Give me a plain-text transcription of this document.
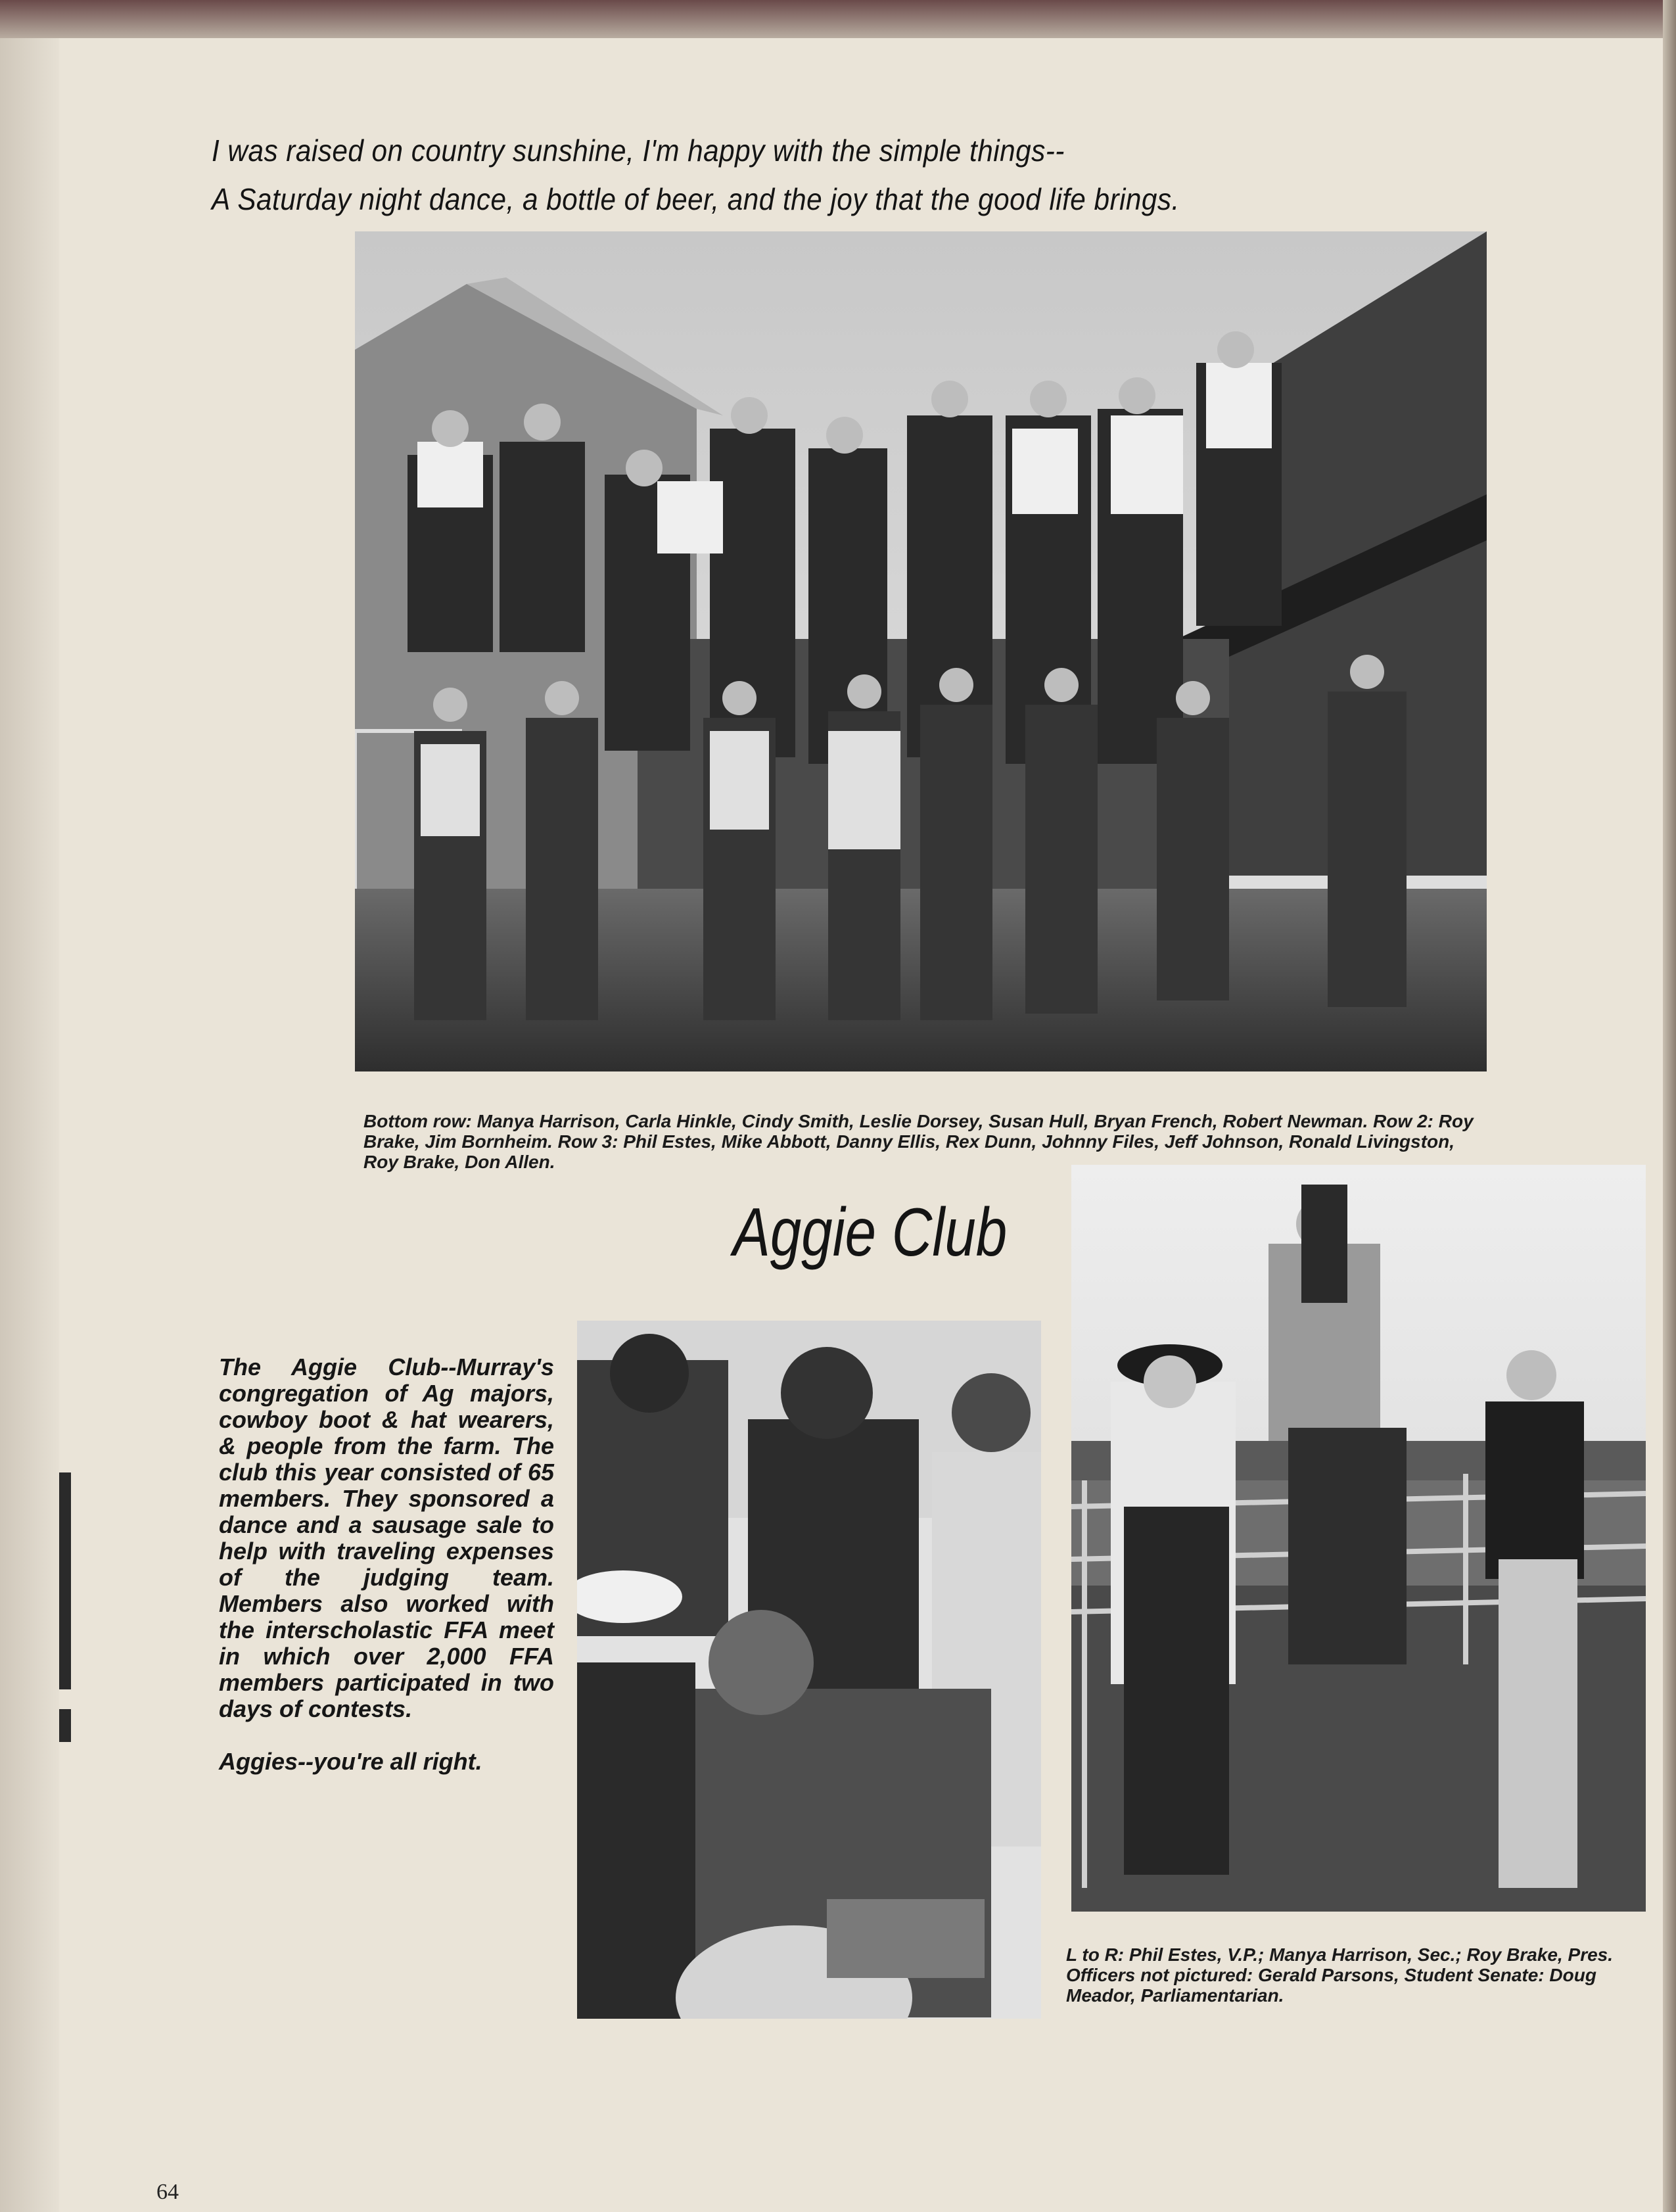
I was raised on country sunshine, I'm happy with the simple things--
A Saturday night dance, a bottle of beer, and the joy that the good life brings.
Bottom row: Manya Harrison, Carla Hinkle, Cindy Smith, Leslie Dorsey, Susan Hull, Bryan French, Robert Newman. Row 2: Roy Brake, Jim Bornheim. Row 3: Phil Estes, Mike Abbott, Danny Ellis, Rex Dunn, Johnny Files, Jeff Johnson, Ronald Livingston, Roy Brake, Don Allen.
L to R: Phil Estes, V.P.; Manya Harrison, Sec.; Roy Brake, Pres. Officers not pictured: Gerald Parsons, Student Senate: Doug Meador, Parliamentarian.
Aggie Club

The Aggie Club--Murray's congregation of Ag majors, cowboy boot & hat wearers, & people from the farm. The club this year consisted of 65 members. They sponsored a dance and a sausage sale to help with traveling expenses of the judging team. Members also worked with the interscholastic FFA meet in which over 2,000 FFA members participated in two days of contests.

Aggies--you're all right.

64
